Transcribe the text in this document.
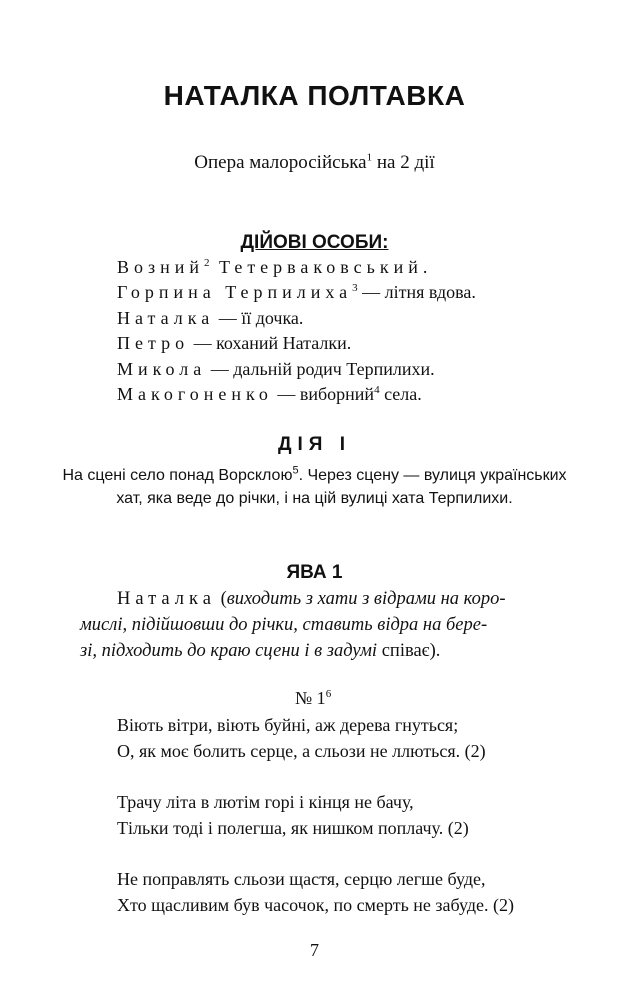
НАТАЛКА ПОЛТАВКА
Опера малоросійська$^1$ на 2 дії
ДІЙОВІ ОСОБИ:
Возний$^2$ Тетерваковський.
Горпина Терпилиха$^3$ — літня вдова.
Наталка — її дочка.
Петро — коханий Наталки.
Микола — дальній родич Терпилихи.
Макогоненко — виборний$^4$ села.
ДІЯ І
На сцені село понад Ворсклою$^5$. Через сцену — вулиця українських хат, яка веде до річки, і на цій вулиці хата Терпилихи.
ЯВА 1
Наталка (виходить з хати з відрами на коро-
мислі, підійшовши до річки, ставить відра на бере-
зі, підходить до краю сцени і в задумі співає).
№ $1^6$
Віють вітри, віють буйні, аж дерева гнуться;
О, як моє болить серце, а сльози не ллються. (2)
Трачу літа в лютім горі і кінця не бачу,
Тільки тоді і полегша, як нишком поплачу. (2)
Не поправлять сльози щастя, серцю легше буде,
Хто щасливим був часочок, по смерть не забуде. (2)
7
